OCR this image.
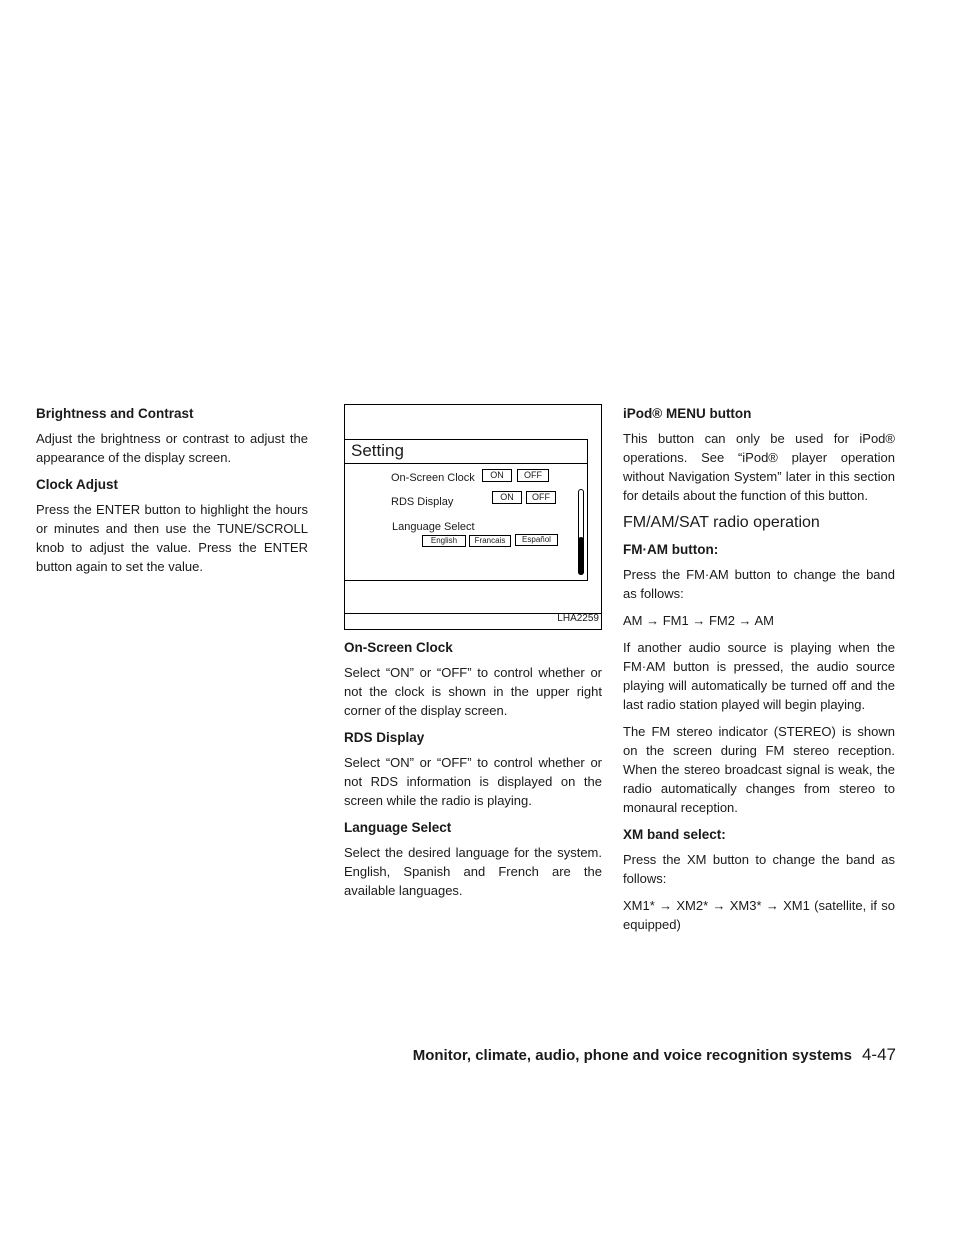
Brightness and Contrast

Adjust the brightness or contrast to adjust the appearance of the display screen.

Clock Adjust

Press the ENTER button to highlight the hours or minutes and then use the TUNE/SCROLL knob to adjust the value. Press the ENTER button again to set the value.

Setting
On-Screen Clock	ON	OFF
RDS Display	ON	OFF
Language Select
English	Francais	Español
LHA2259
On-Screen Clock

Select “ON” or “OFF” to control whether or not the clock is shown in the upper right corner of the display screen.

RDS Display

Select “ON” or “OFF” to control whether or not RDS information is displayed on the screen while the radio is playing.

Language Select

Select the desired language for the system. English, Spanish and French are the available languages.

iPod® MENU button

This button can only be used for iPod® operations. See “iPod® player operation without Navigation System” later in this section for details about the function of this button.

FM/AM/SAT radio operation
FM·AM button:

Press the FM·AM button to change the band as follows:

AM → FM1 → FM2 → AM

If another audio source is playing when the FM·AM button is pressed, the audio source playing will automatically be turned off and the last radio station played will begin playing.

The FM stereo indicator (STEREO) is shown on the screen during FM stereo reception. When the stereo broadcast signal is weak, the radio automatically changes from stereo to monaural reception.

XM band select:

Press the XM button to change the band as follows:

XM1* → XM2* → XM3* → XM1 (satellite, if so equipped)

Monitor, climate, audio, phone and voice recognition systems 4-47
